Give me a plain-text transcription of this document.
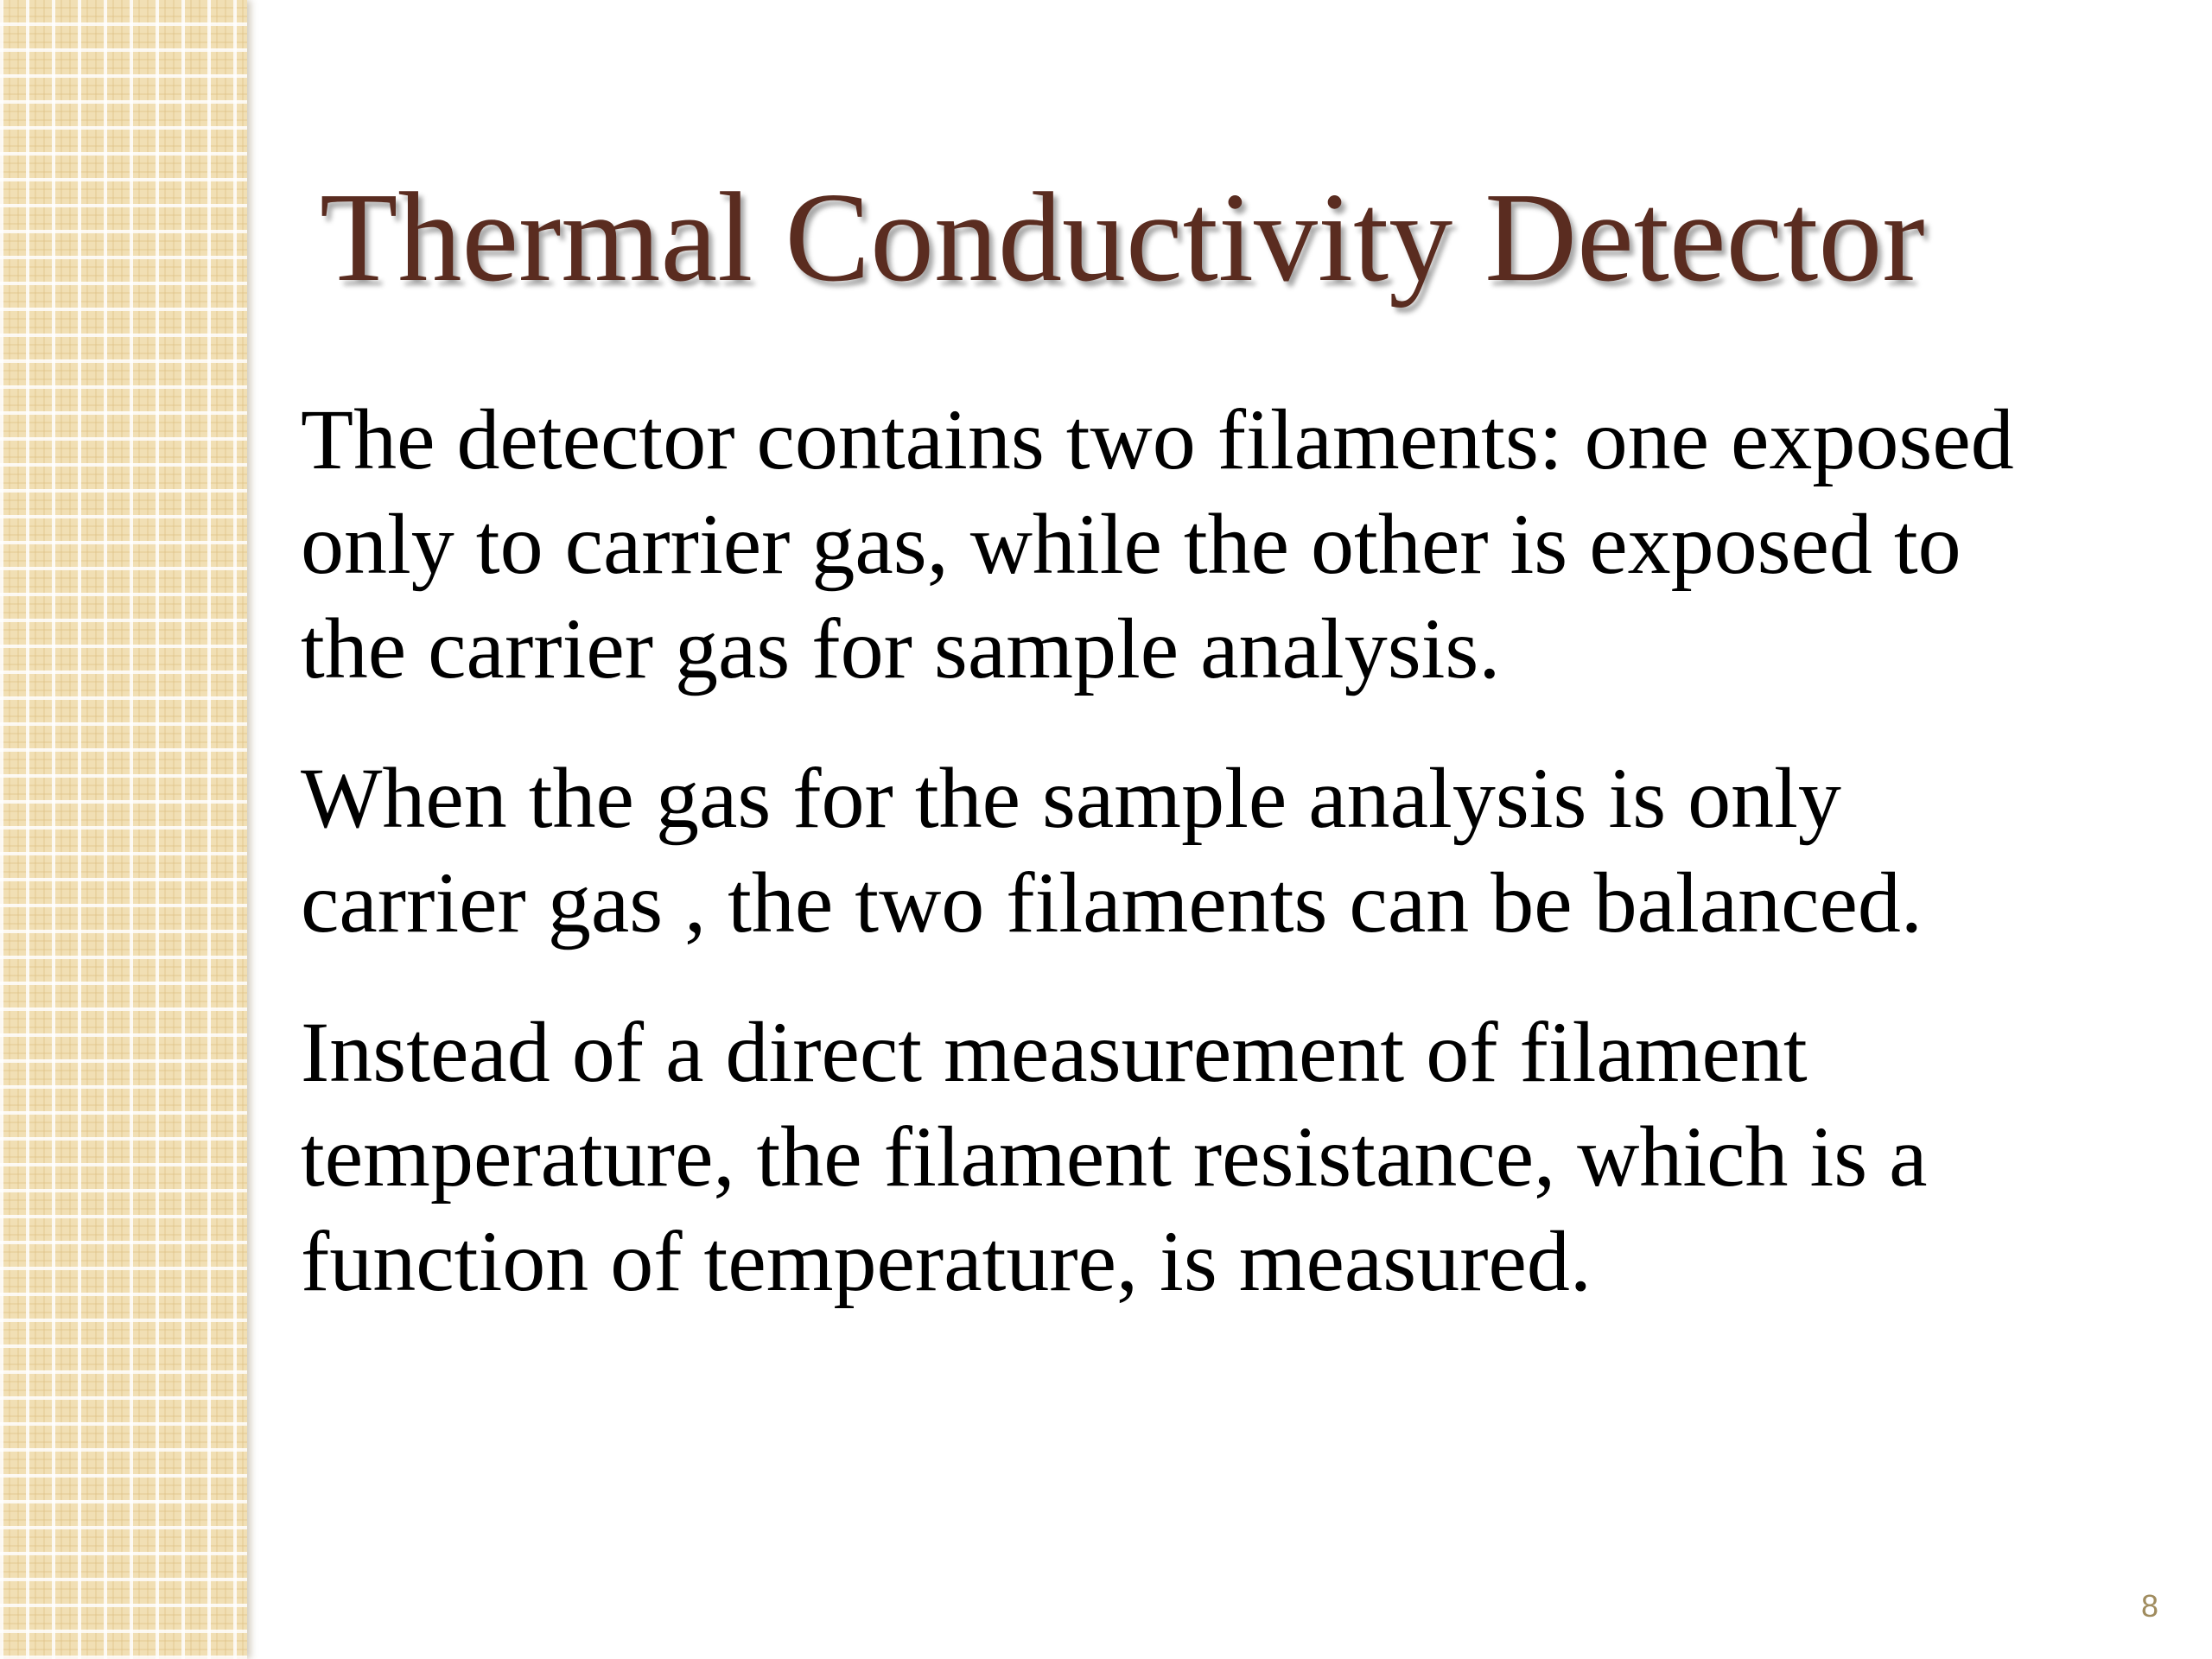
Thermal Conductivity Detector

The detector contains two filaments: one exposed only to carrier gas, while the other is exposed to the carrier gas for sample analysis.

When the gas for the sample analysis is only carrier gas , the two filaments can be balanced.

Instead of a direct measurement of filament temperature, the filament resistance, which is a function of temperature, is measured.

8
